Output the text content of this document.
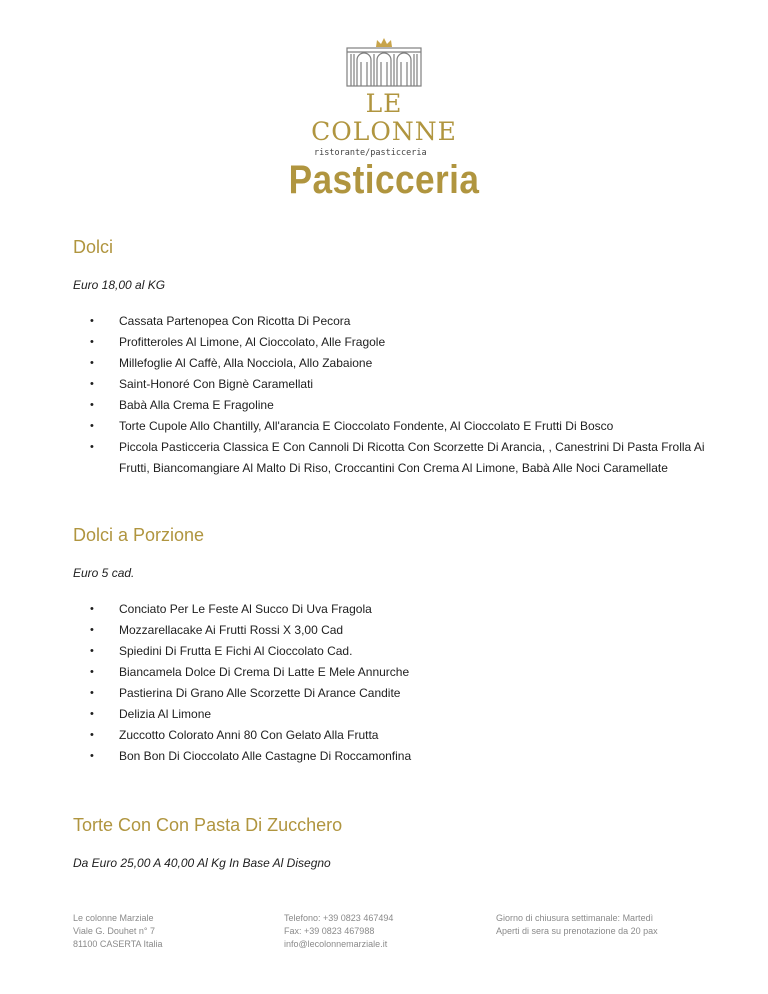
LE COLONNE
ristorante/pasticceria
Pasticceria
Dolci

Euro 18,00 al KG

• Cassata Partenopea Con Ricotta Di Pecora
• Profitteroles Al Limone, Al Cioccolato, Alle Fragole
• Millefoglie Al Caffè, Alla Nocciola, Allo Zabaione
• Saint-Honoré Con Bignè Caramellati
• Babà Alla Crema E Fragoline
• Torte Cupole Allo Chantilly, All'arancia E Cioccolato Fondente, Al Cioccolato E Frutti Di Bosco
• Piccola Pasticceria Classica E Con Cannoli Di Ricotta Con Scorzette Di Arancia, , Canestrini Di Pasta Frolla Ai Frutti, Biancomangiare Al Malto Di Riso, Croccantini Con Crema Al Limone, Babà Alle Noci Caramellate
Dolci a Porzione

Euro 5 cad.

• Conciato Per Le Feste Al Succo Di Uva Fragola
• Mozzarellacake Ai Frutti Rossi X 3,00 Cad
• Spiedini Di Frutta E Fichi Al Cioccolato Cad.
• Biancamela Dolce Di Crema Di Latte E Mele Annurche
• Pastierina Di Grano Alle Scorzette Di Arance Candite
• Delizia Al Limone
• Zuccotto Colorato Anni 80 Con Gelato Alla Frutta
• Bon Bon Di Cioccolato Alle Castagne Di Roccamonfina
Torte Con Con Pasta Di Zucchero

Da Euro 25,00 A 40,00 Al Kg In Base Al Disegno

Le colonne Marziale
Viale G. Douhet n° 7
81100 CASERTA Italia
Telefono: +39 0823 467494
Fax: +39 0823 467988
info@lecolonnemarziale.it
Giorno di chiusura settimanale: Martedì
Aperti di sera su prenotazione da 20 pax
